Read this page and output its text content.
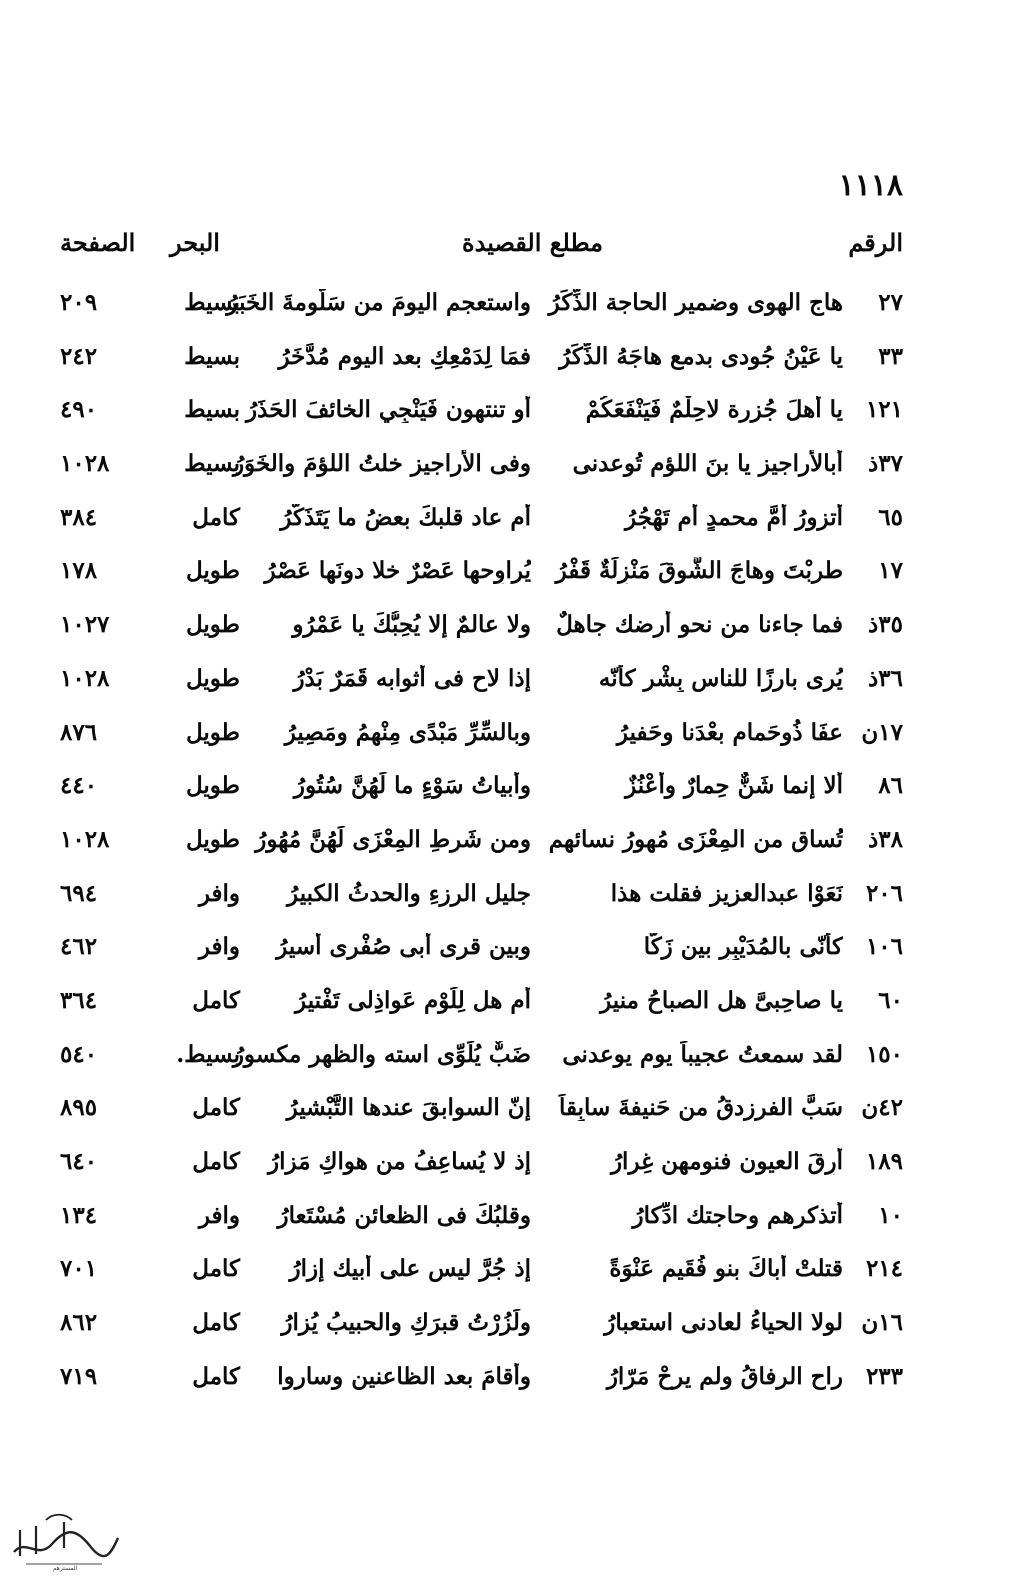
١١١٨
الرقم
مطلع القصيدة
البحر
الصفحة
٢٧
هاج الهوى وضمير الحاجة الذِّكَرُ
واستعجم اليومَ من سَلُّومةَ الخَبَرُ
بسيط
٢٠٩
٣٣
يا عَيْنُ جُودى بدمع هاجَهُ الذِّكَرُ
فمَا لِدَمْعِكِ بعد اليوم مُدَّخَرُ
بسيط
٢٤٢
١٢١
يا أهلَ جُزرة لاحِلْمٌ فَيَنْفَعَكُمْ
أو تنتهون فَيَنْجِي الخائفَ الحَذَرُ
بسيط
٤٩٠
٣٧ذ
أبالأراجيز يا بنَ اللؤم تُوعدنى
وفى الأراجيز خلتُ اللؤمَ والخَوَرُ
بسيط
١٠٢٨
٦٥
أتزورُ أمَّ محمدٍ أم تَهْجُرُ
أم عاد قلبكَ بعضُ ما يَتَذَكَّرُ
كامل
٣٨٤
١٧
طربْتَ وهاجَ الشَّوقَ مَنْزِلَةٌ قَفْرُ
يُراوِحها عَصْرٌ خلا دونَها عَصْرُ
طويل
١٧٨
٣٥ذ
فما جاءنا من نحو أرضك جاهلٌ
ولا عالمٌ إلا يُحِبُّكَ يا عَمْرُو
طويل
١٠٢٧
٣٦ذ
يُرى بارزًا للناس بِشْر كأنّه
إذا لاح فى أثوابه قَمَرٌ بَدْرُ
طويل
١٠٢٨
١٧ن
عفَا ذُوحَمامٍ بعْدَنا وحَفيرُ
وبالسِّرِّ مَبْدًى مِنْهمُ ومَصِيرُ
طويل
٨٧٦
٨٦
ألا إنما شَنٌّ حِمارٌ وأَعْنُزٌ
وأبياتُ سَوْءٍ ما لَهُنَّ سُتُورُ
طويل
٤٤٠
٣٨ذ
تُساق من المِعْزَى مُهورُ نسائهم
ومن شَرطِ المِعْزَى لَهُنَّ مُهُورُ
طويل
١٠٢٨
٢٠٦
نَعَوْا عبدالعزيز فقلت هذا
جليل الرزءِ والحدثُ الكبيرُ
وافر
٦٩٤
١٠٦
كأنّى بالمُدَيْبِرِ بين زَكّا
وبين قرى أبى صُفْرى أسيرُ
وافر
٤٦٢
٦٠
يا صاحِبىَّ هل الصباحُ منيرُ
أم هل لِلَوْمِ عَواذِلى تَفْتيرُ
كامل
٣٦٤
١٥٠
لقد سمعتُ عجيباً يوم يوعدنى
ضَبٌّ يُلَوِّى استه والظهر مكسورُ
بسيط.
٥٤٠
٤٢ن
سَبَّ الفرزدقُ من حَنيفةَ سابِقاً
إنّ السوابقَ عندها التَّبْشيرُ
كامل
٨٩٥
١٨٩
أرِقَ العيون فنومهن غِرارُ
إذ لا يُساعِفُ من هواكِ مَزارُ
كامل
٦٤٠
١٠
أتذكرهم وحاجتك ادِّكارُ
وقلبُكَ فى الظعائن مُسْتَعارُ
وافر
١٣٤
٢١٤
قتلتْ أباكَ بنو فُقَيمٍ عَنْوَةً
إذ جُرَّ ليس على أبيك إزارُ
كامل
٧٠١
١٦ن
لولا الحياءُ لعادنى استعبارُ
ولَزُرْتُ قبرَكِ والحبيبُ يُزارُ
كامل
٨٦٢
٢٣٣
راح الرفاقُ ولم يرحْ مَرّارُ
وأقامَ بعد الظاعنين وساروا
كامل
٧١٩
المسترهم
